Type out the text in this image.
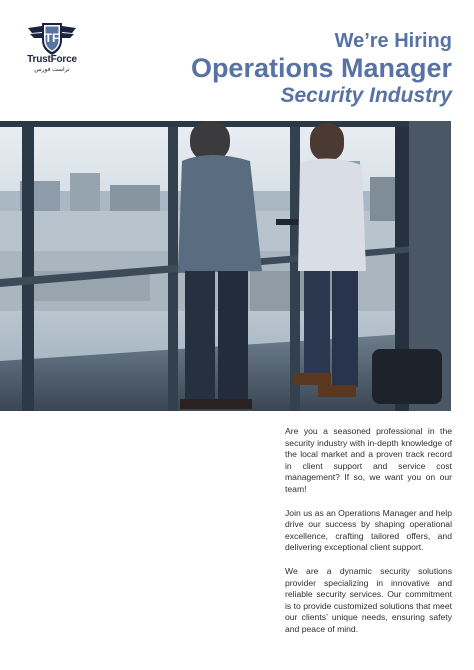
TF
TrustForce
تراست فورس
We’re Hiring
Operations Manager
Security Industry

Are you a seasoned professional in the security industry with in-depth knowledge of the local market and a proven track record in client support and service cost management? If so, we want you on our team!

Join us as an Operations Manager and help drive our success by shaping operational excellence, crafting tailored offers, and delivering exceptional client support.

We are a dynamic security solutions provider specializing in innovative and reliable security services. Our commitment is to provide customized solutions that meet our clients’ unique needs, ensuring safety and peace of mind.
